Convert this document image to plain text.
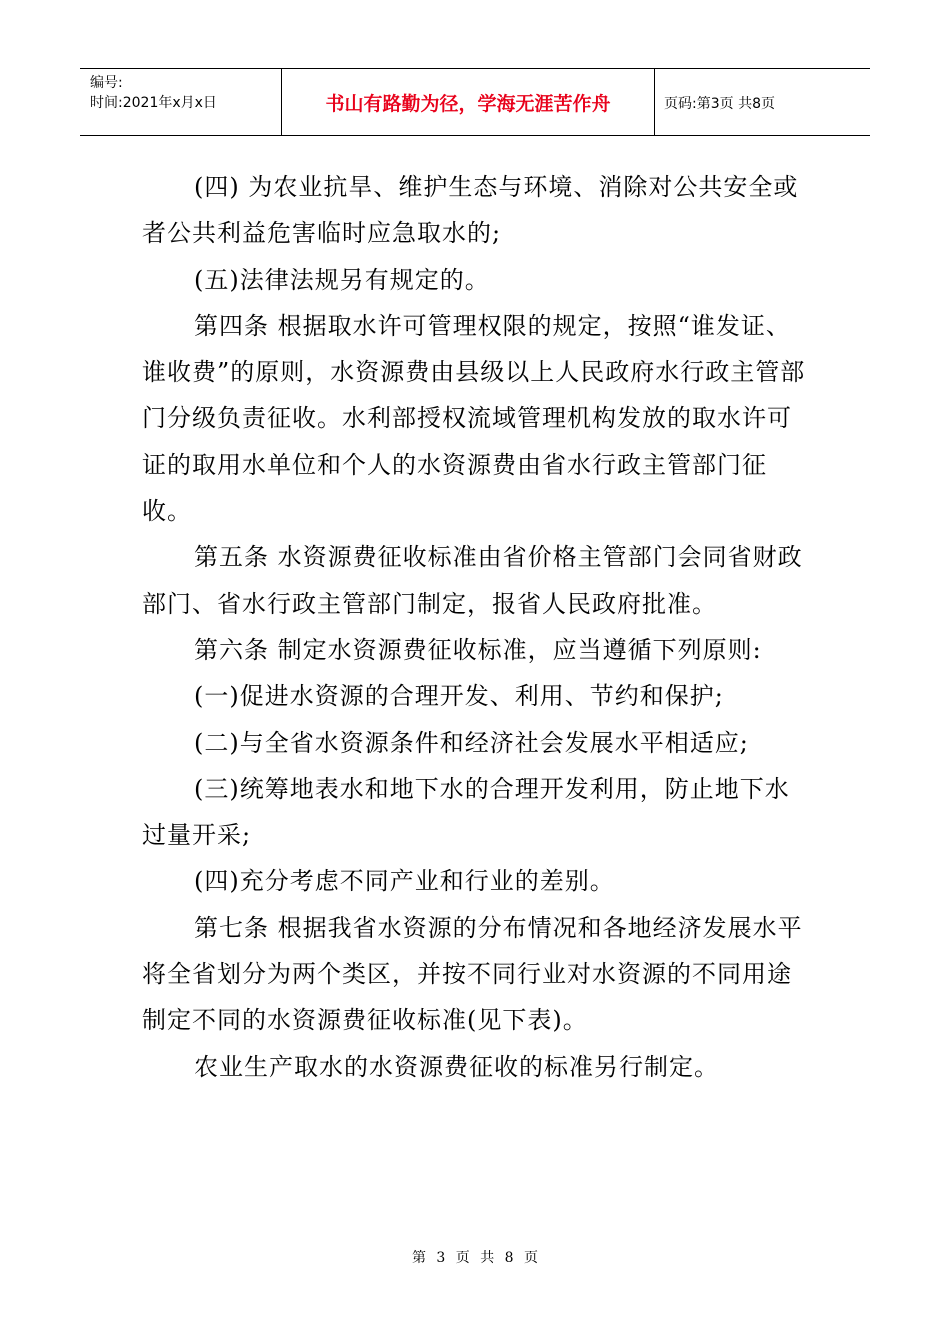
编号:
时间:2021年x月x日	书山有路勤为径，学海无涯苦作舟	页码:第3页 共8页

(四) 为农业抗旱、维护生态与环境、消除对公共安全或者公共利益危害临时应急取水的;

(五)法律法规另有规定的。

第四条 根据取水许可管理权限的规定，按照“谁发证、谁收费”的原则，水资源费由县级以上人民政府水行政主管部门分级负责征收。水利部授权流域管理机构发放的取水许可证的取用水单位和个人的水资源费由省水行政主管部门征收。

第五条 水资源费征收标准由省价格主管部门会同省财政部门、省水行政主管部门制定，报省人民政府批准。

第六条 制定水资源费征收标准，应当遵循下列原则:

(一)促进水资源的合理开发、利用、节约和保护;

(二)与全省水资源条件和经济社会发展水平相适应;

(三)统筹地表水和地下水的合理开发利用，防止地下水过量开采;

(四)充分考虑不同产业和行业的差别。

第七条 根据我省水资源的分布情况和各地经济发展水平将全省划分为两个类区，并按不同行业对水资源的不同用途制定不同的水资源费征收标准(见下表)。

农业生产取水的水资源费征收的标准另行制定。

第 3 页 共 8 页
